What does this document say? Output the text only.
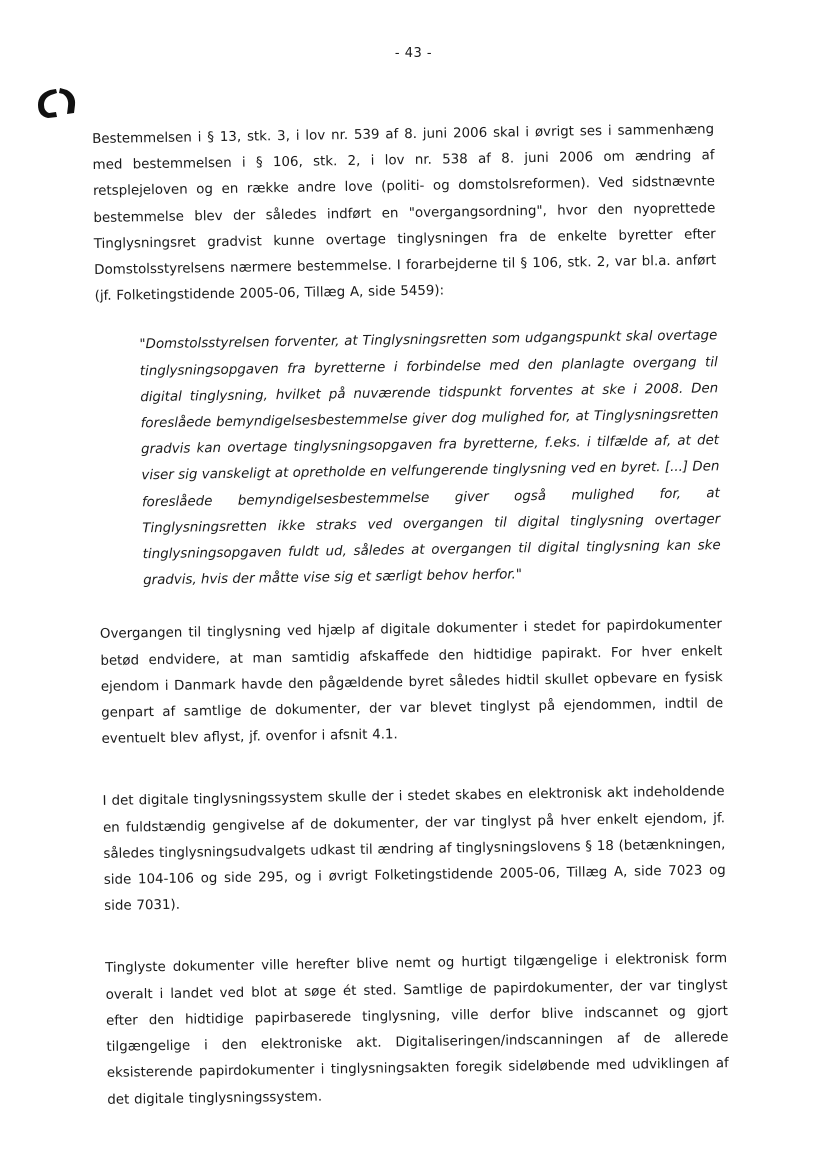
- 43 -

Bestemmelsen i § 13, stk. 3, i lov nr. 539 af 8. juni 2006 skal i øvrigt ses i sammenhæng med bestemmelsen i § 106, stk. 2, i lov nr. 538 af 8. juni 2006 om ændring af retsplejeloven og en række andre love (politi- og domstolsreformen). Ved sidstnævnte bestemmelse blev der således indført en "overgangsordning", hvor den nyoprettede Tinglysningsret gradvist kunne overtage tinglysningen fra de enkelte byretter efter Domstolsstyrelsens nærmere bestemmelse. I forarbejderne til § 106, stk. 2, var bl.a. anført (jf. Folketingstidende 2005-06, Tillæg A, side 5459):

"Domstolsstyrelsen forventer, at Tinglysningsretten som udgangspunkt skal overtage tinglysningsopgaven fra byretterne i forbindelse med den planlagte overgang til digital tinglysning, hvilket på nuværende tidspunkt forventes at ske i 2008. Den foreslåede bemyndigelsesbestemmelse giver dog mulighed for, at Tinglysningsretten gradvis kan overtage tinglysningsopgaven fra byretterne, f.eks. i tilfælde af, at det viser sig vanskeligt at opretholde en velfungerende tinglysning ved en byret. [...] Den foreslåede bemyndigelsesbestemmelse giver også mulighed for, at Tinglysningsretten ikke straks ved overgangen til digital tinglysning overtager tinglysningsopgaven fuldt ud, således at overgangen til digital tinglysning kan ske gradvis, hvis der måtte vise sig et særligt behov herfor."

Overgangen til tinglysning ved hjælp af digitale dokumenter i stedet for papirdokumenter betød endvidere, at man samtidig afskaffede den hidtidige papirakt. For hver enkelt ejendom i Danmark havde den pågældende byret således hidtil skullet opbevare en fysisk genpart af samtlige de dokumenter, der var blevet tinglyst på ejendommen, indtil de eventuelt blev aflyst, jf. ovenfor i afsnit 4.1.

I det digitale tinglysningssystem skulle der i stedet skabes en elektronisk akt indeholdende en fuldstændig gengivelse af de dokumenter, der var tinglyst på hver enkelt ejendom, jf. således tinglysningsudvalgets udkast til ændring af tinglysningslovens § 18 (betænkningen, side 104-106 og side 295, og i øvrigt Folketingstidende 2005-06, Tillæg A, side 7023 og side 7031).

Tinglyste dokumenter ville herefter blive nemt og hurtigt tilgængelige i elektronisk form overalt i landet ved blot at søge ét sted. Samtlige de papirdokumenter, der var tinglyst efter den hidtidige papirbaserede tinglysning, ville derfor blive indscannet og gjort tilgængelige i den elektroniske akt. Digitaliseringen/indscanningen af de allerede eksisterende papirdokumenter i tinglysningsakten foregik sideløbende med udviklingen af det digitale tinglysningssystem.
